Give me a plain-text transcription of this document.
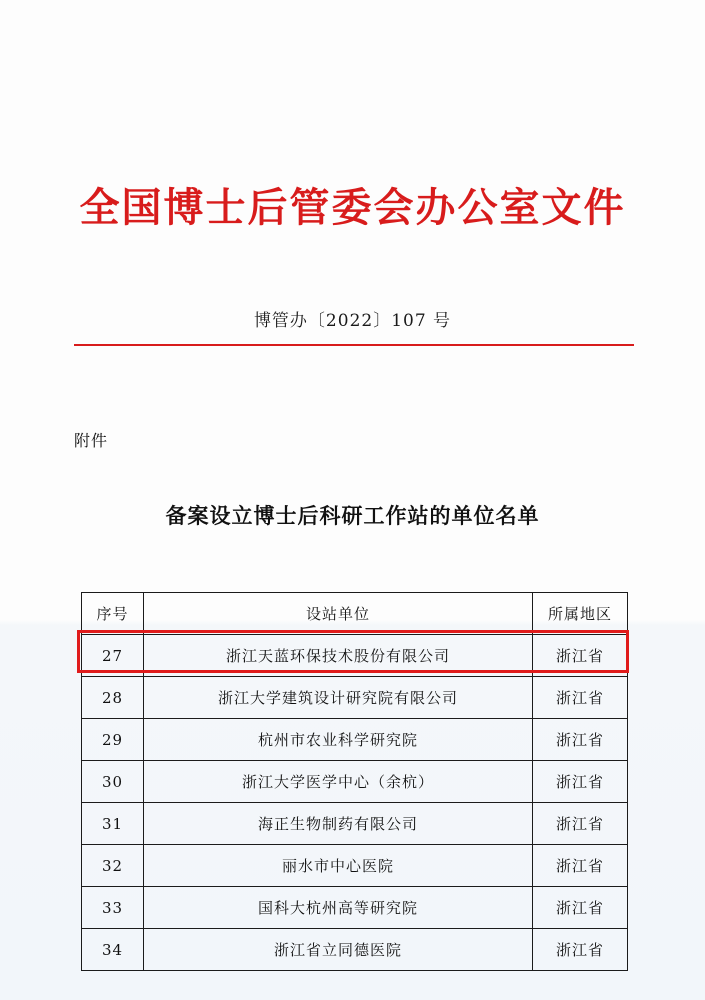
全国博士后管委会办公室文件
博管办〔2022〕107 号
附件
备案设立博士后科研工作站的单位名单
序号	设站单位	所属地区
27	浙江天蓝环保技术股份有限公司	浙江省
28	浙江大学建筑设计研究院有限公司	浙江省
29	杭州市农业科学研究院	浙江省
30	浙江大学医学中心（余杭）	浙江省
31	海正生物制药有限公司	浙江省
32	丽水市中心医院	浙江省
33	国科大杭州高等研究院	浙江省
34	浙江省立同德医院	浙江省
